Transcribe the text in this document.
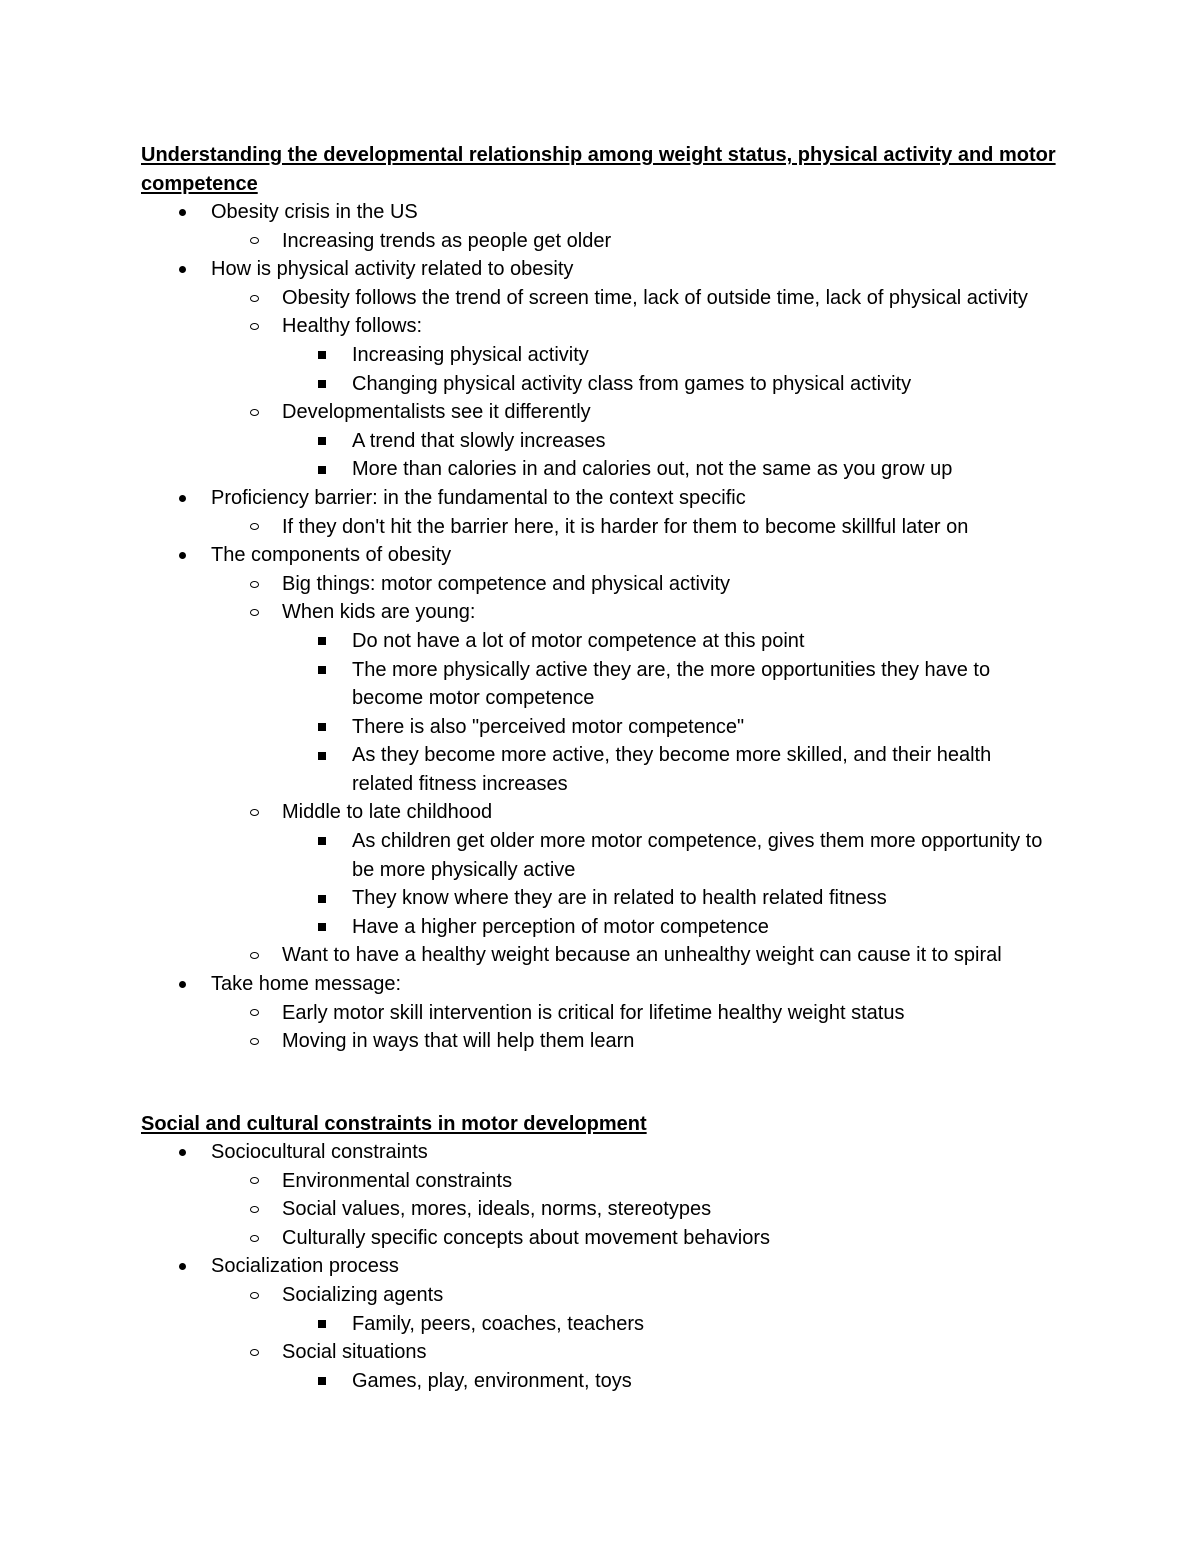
Understanding the developmental relationship among weight status, physical activity and motor competence
Obesity crisis in the US
Increasing trends as people get older
How is physical activity related to obesity
Obesity follows the trend of screen time, lack of outside time, lack of physical activity
Healthy follows:
Increasing physical activity
Changing physical activity class from games to physical activity
Developmentalists see it differently
A trend that slowly increases
More than calories in and calories out, not the same as you grow up
Proficiency barrier: in the fundamental to the context specific
If they don't hit the barrier here, it is harder for them to become skillful later on
The components of obesity
Big things: motor competence and physical activity
When kids are young:
Do not have a lot of motor competence at this point
The more physically active they are, the more opportunities they have to become motor competence
There is also "perceived motor competence"
As they become more active, they become more skilled, and their health related fitness increases
Middle to late childhood
As children get older more motor competence, gives them more opportunity to be more physically active
They know where they are in related to health related fitness
Have a higher perception of motor competence
Want to have a healthy weight because an unhealthy weight can cause it to spiral
Take home message:
Early motor skill intervention is critical for lifetime healthy weight status
Moving in ways that will help them learn
Social and cultural constraints in motor development
Sociocultural constraints
Environmental constraints
Social values, mores, ideals, norms, stereotypes
Culturally specific concepts about movement behaviors
Socialization process
Socializing agents
Family, peers, coaches, teachers
Social situations
Games, play, environment, toys
